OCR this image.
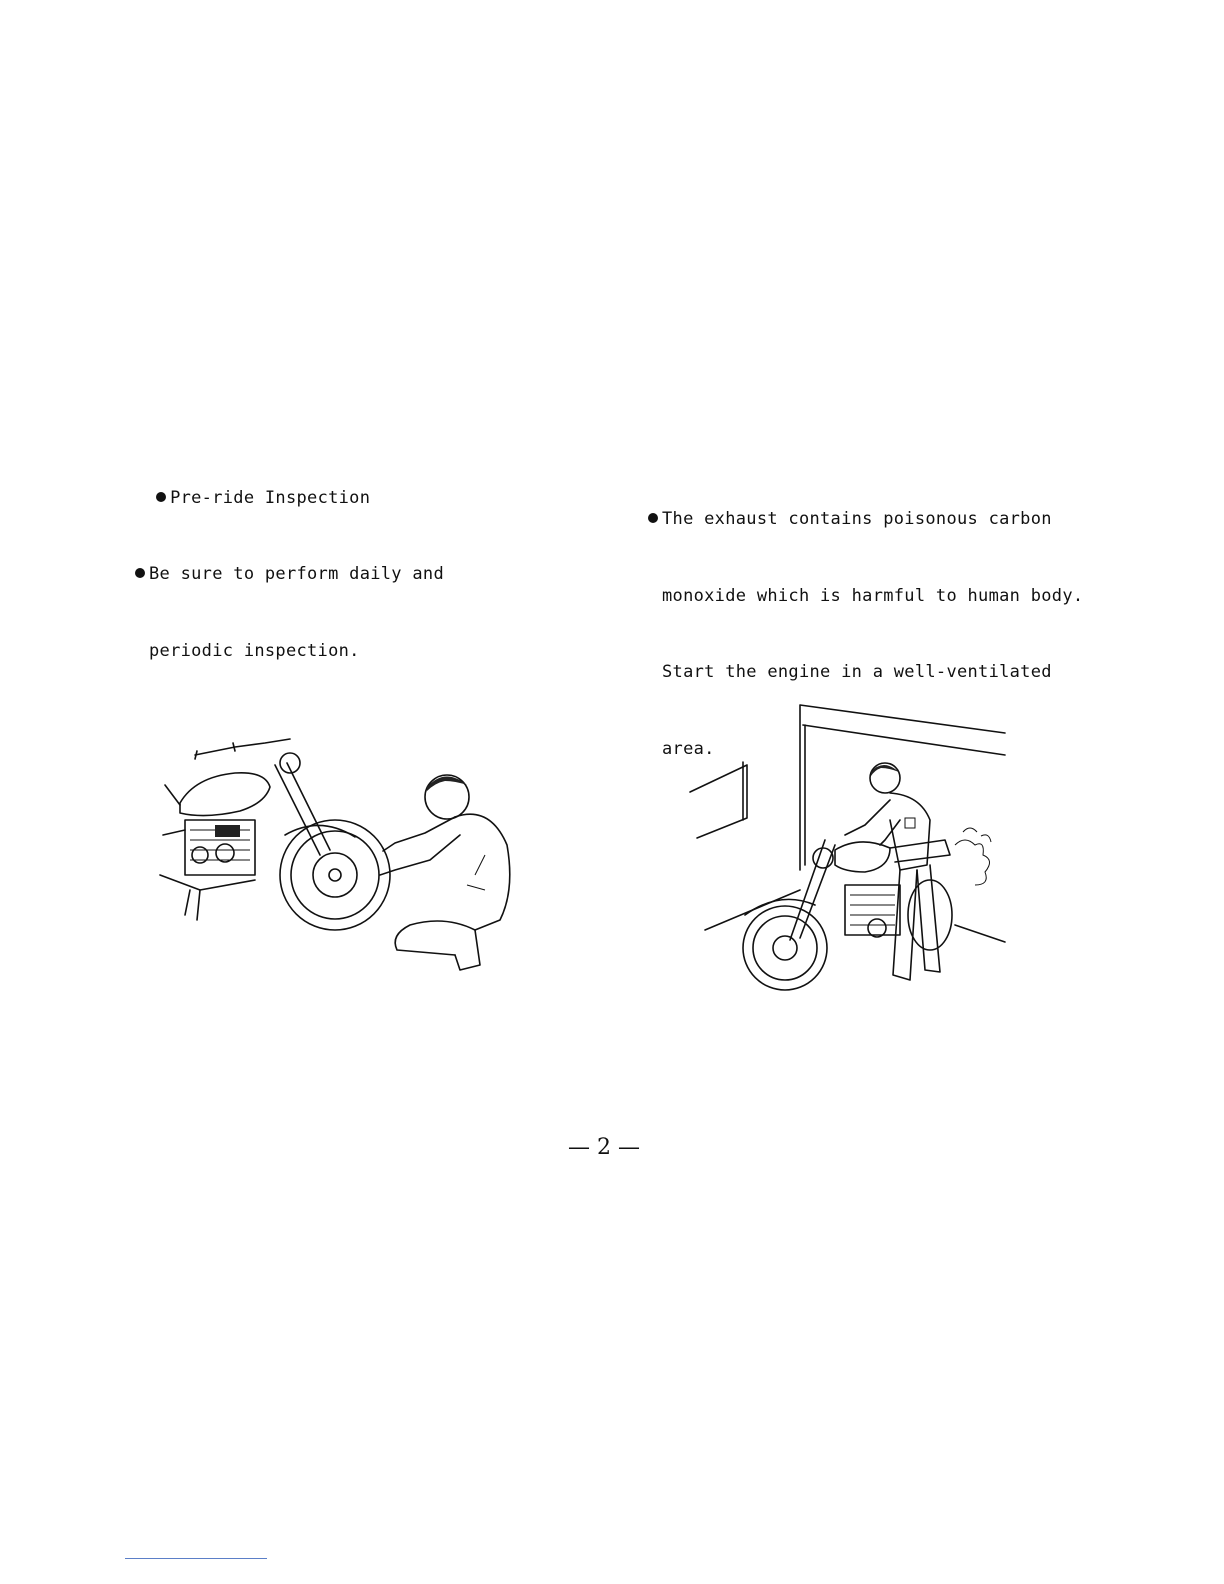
Pre-ride Inspection

Be sure to perform daily and

periodic inspection.

The exhaust contains poisonous carbon

monoxide which is harmful to human body.

Start the engine in a well-ventilated

area.

— 2 —
